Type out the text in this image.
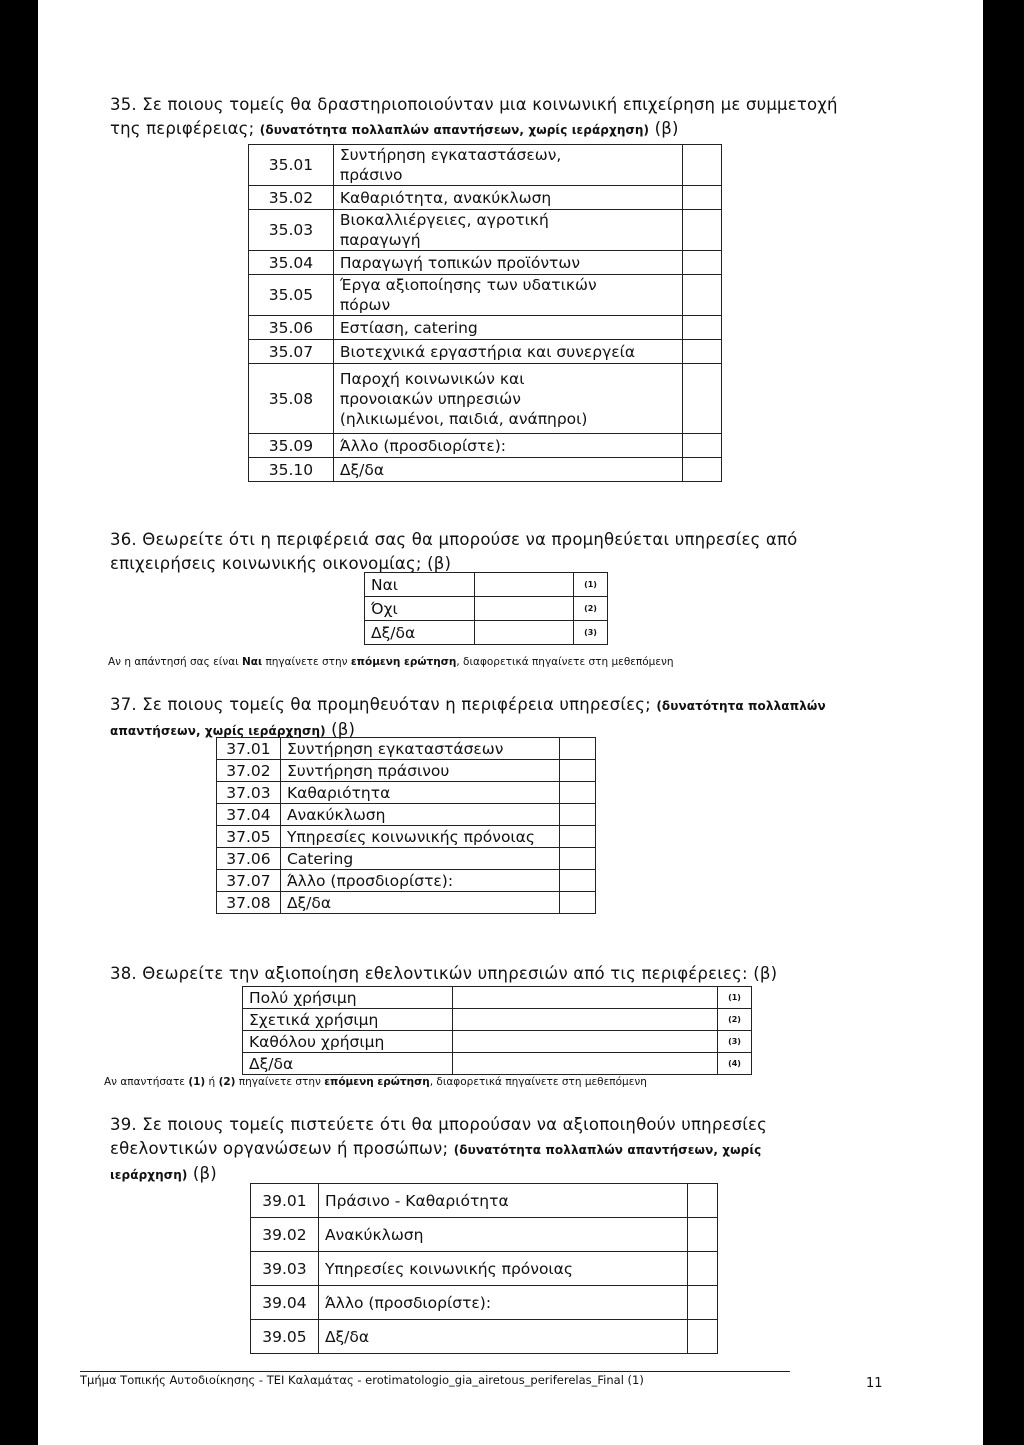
35. Σε ποιους τομείς θα δραστηριοποιούνταν μια κοινωνική επιχείρηση με συμμετοχή
της περιφέρειας; (δυνατότητα πολλαπλών απαντήσεων, χωρίς ιεράρχηση) (β)
35.01	Συντήρηση εγκαταστάσεων,
πράσινο	

35.02	Καθαριότητα, ανακύκλωση	
35.03	Βιοκαλλιέργειες, αγροτική
παραγωγή	

35.04	Παραγωγή τοπικών προϊόντων	
35.05	Έργα αξιοποίησης των υδατικών
πόρων	

35.06	Εστίαση, catering	
35.07	Βιοτεχνικά εργαστήρια και συνεργεία	
35.08	Παροχή κοινωνικών και
προνοιακών υπηρεσιών
(ηλικιωμένοι, παιδιά, ανάπηροι)	

35.09	Άλλο (προσδιορίστε):	
35.10	Δξ/δα	
36. Θεωρείτε ότι η περιφέρειά σας θα μπορούσε να προμηθεύεται υπηρεσίες από
επιχειρήσεις κοινωνικής οικονομίας; (β)
Ναι		(1)
Όχι		(2)
Δξ/δα		(3)
Αν η απάντησή σας είναι Ναι πηγαίνετε στην επόμενη ερώτηση, διαφορετικά πηγαίνετε στη μεθεπόμενη
37. Σε ποιους τομείς θα προμηθευόταν η περιφέρεια υπηρεσίες; (δυνατότητα πολλαπλών
απαντήσεων, χωρίς ιεράρχηση) (β)
37.01	Συντήρηση εγκαταστάσεων	
37.02	Συντήρηση πράσινου	
37.03	Καθαριότητα	
37.04	Ανακύκλωση	
37.05	Υπηρεσίες κοινωνικής πρόνοιας	
37.06	Catering	
37.07	Άλλο (προσδιορίστε):	
37.08	Δξ/δα	
38. Θεωρείτε την αξιοποίηση εθελοντικών υπηρεσιών από τις περιφέρειες: (β)
Πολύ χρήσιμη		(1)
Σχετικά χρήσιμη		(2)
Καθόλου χρήσιμη		(3)
Δξ/δα		(4)
Αν απαντήσατε (1) ή (2) πηγαίνετε στην επόμενη ερώτηση, διαφορετικά πηγαίνετε στη μεθεπόμενη
39. Σε ποιους τομείς πιστεύετε ότι θα μπορούσαν να αξιοποιηθούν υπηρεσίες
εθελοντικών οργανώσεων ή προσώπων; (δυνατότητα πολλαπλών απαντήσεων, χωρίς
ιεράρχηση) (β)
39.01	Πράσινο - Καθαριότητα	
39.02	Ανακύκλωση	
39.03	Υπηρεσίες κοινωνικής πρόνοιας	
39.04	Άλλο (προσδιορίστε):	
39.05	Δξ/δα	
Τμήμα Τοπικής Αυτοδιοίκησης - ΤΕΙ Καλαμάτας - erotimatologio_gia_airetous_periferelas_Final (1)	11
